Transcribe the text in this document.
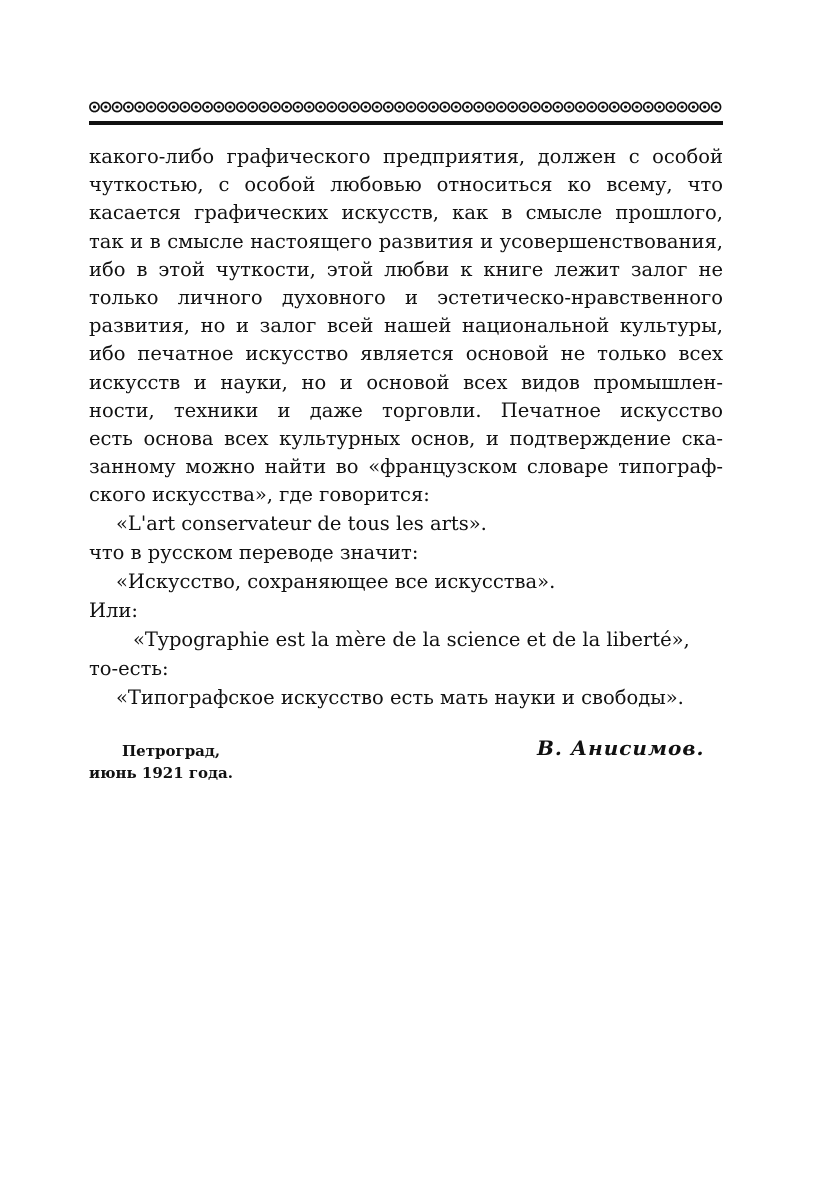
какого-либо графического предприятия, должен с особой
чуткостью, с особой любовью относиться ко всему, что
касается графических искусств, как в смысле прошлого,
так и в смысле настоящего развития и усовершенствования,
ибо в этой чуткости, этой любви к книге лежит залог не
только личного духовного и эстетическо-нравственного
развития, но и залог всей нашей национальной культуры,
ибо печатное искусство является основой не только всех
искусств и науки, но и основой всех видов промышлен-
ности, техники и даже торговли. Печатное искусство
есть основа всех культурных основ, и подтверждение ска-
занному можно найти во «французском словаре типограф-
ского искусства», где говорится:
«L'art conservateur de tous les arts».
что в русском переводе значит:
«Искусство, сохраняющее все искусства».
Или:
«Typographie est la mère de la science et de la liberté»,
то-есть:
«Типографское искусство есть мать науки и свободы».
Петроград,
июнь 1921 года.
В. Анисимов.
